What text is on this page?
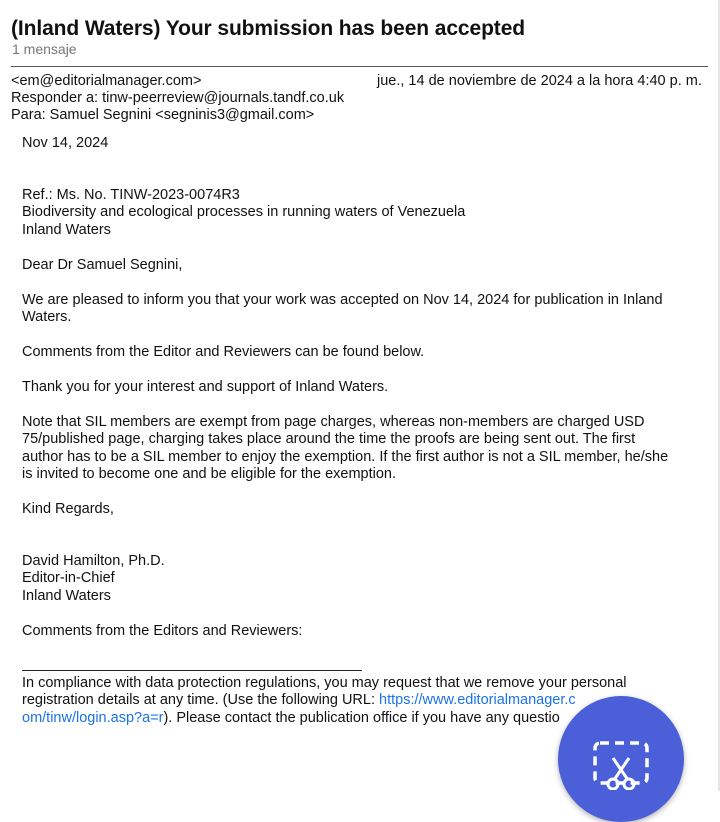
(Inland Waters) Your submission has been accepted
1 mensaje
<em@editorialmanager.com>	jue., 14 de noviembre de 2024 a la hora 4:40 p. m.
Responder a: tinw-peerreview@journals.tandf.co.uk
Para: Samuel Segnini <segninis3@gmail.com>
Nov 14, 2024
Ref.: Ms. No. TINW-2023-0074R3
Biodiversity and ecological processes in running waters of Venezuela
Inland Waters
Dear Dr Samuel Segnini,
We are pleased to inform you that your work was accepted on Nov 14, 2024 for publication in Inland
Waters.
Comments from the Editor and Reviewers can be found below.
Thank you for your interest and support of Inland Waters.
Note that SIL members are exempt from page charges, whereas non-members are charged USD
75/published page, charging takes place around the time the proofs are being sent out. The first
author has to be a SIL member to enjoy the exemption. If the first author is not a SIL member, he/she
is invited to become one and be eligible for the exemption.
Kind Regards,
David Hamilton, Ph.D.
Editor-in-Chief
Inland Waters
Comments from the Editors and Reviewers:
In compliance with data protection regulations, you may request that we remove your personal
registration details at any time. (Use the following URL: https://www.editorialmanager.c
om/tinw/login.asp?a=r). Please contact the publication office if you have any questio
